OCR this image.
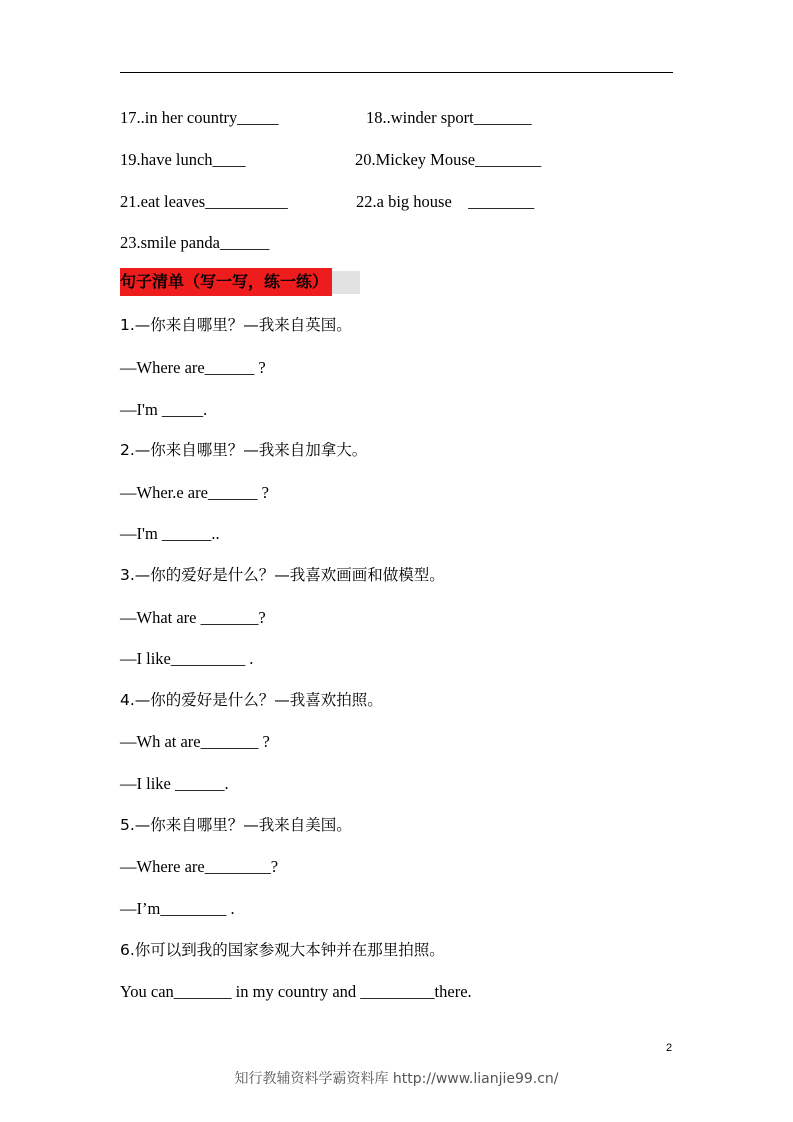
17..in her country_____	18..winder sport_______
19.have lunch____	20.Mickey Mouse________
21.eat leaves__________	22.a big house    ________
23.smile panda______
句子清单（写一写，练一练）
1.—你来自哪里？—我来自英国。
—Where are______ ?
—I'm _____.
2.—你来自哪里？—我来自加拿大。
—Wher.e are______ ?
—I'm ______..
3.—你的爱好是什么？—我喜欢画画和做模型。
—What are _______?
—I like_________ .
4.—你的爱好是什么？—我喜欢拍照。
—Wh at are_______ ?
—I like ______.
5.—你来自哪里？—我来自美国。
—Where are________?
—I’m________ .
6.你可以到我的国家参观大本钟并在那里拍照。
You can_______ in my country and _________there.
2
知行教辅资料学霸资料库 http://www.lianjie99.cn/
